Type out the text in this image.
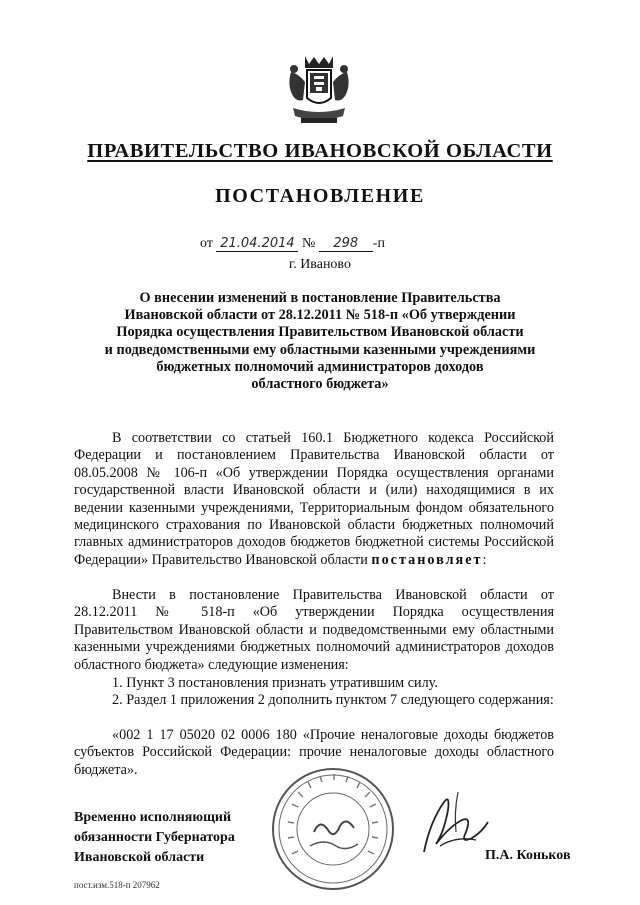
ПРАВИТЕЛЬСТВО ИВАНОВСКОЙ ОБЛАСТИ
ПОСТАНОВЛЕНИЕ
от 21.04.2014 № 298 -п
г. Иваново
О внесении изменений в постановление Правительства
Ивановской области от 28.12.2011 № 518-п «Об утверждении
Порядка осуществления Правительством Ивановской области
и подведомственными ему областными казенными учреждениями
бюджетных полномочий администраторов доходов
областного бюджета»
В соответствии со статьей 160.1 Бюджетного кодекса Российской Федерации и постановлением Правительства Ивановской области от 08.05.2008 № 106-п «Об утверждении Порядка осуществления органами государственной власти Ивановской области и (или) находящимися в их ведении казенными учреждениями, Территориальным фондом обязательного медицинского страхования по Ивановской области бюджетных полномочий главных администраторов доходов бюджетов бюджетной системы Российской Федерации» Правительство Ивановской области постановляет:
Внести в постановление Правительства Ивановской области от 28.12.2011 № 518-п «Об утверждении Порядка осуществления Правительством Ивановской области и подведомственными ему областными казенными учреждениями бюджетных полномочий администраторов доходов областного бюджета» следующие изменения:
1. Пункт 3 постановления признать утратившим силу.
2. Раздел 1 приложения 2 дополнить пунктом 7 следующего содержания:
«002 1 17 05020 02 0006 180 «Прочие неналоговые доходы бюджетов субъектов Российской Федерации: прочие неналоговые доходы областного бюджета».
Временно исполняющий
обязанности Губернатора
Ивановской области	П.А. Коньков
пост.изм.518-п 207962
